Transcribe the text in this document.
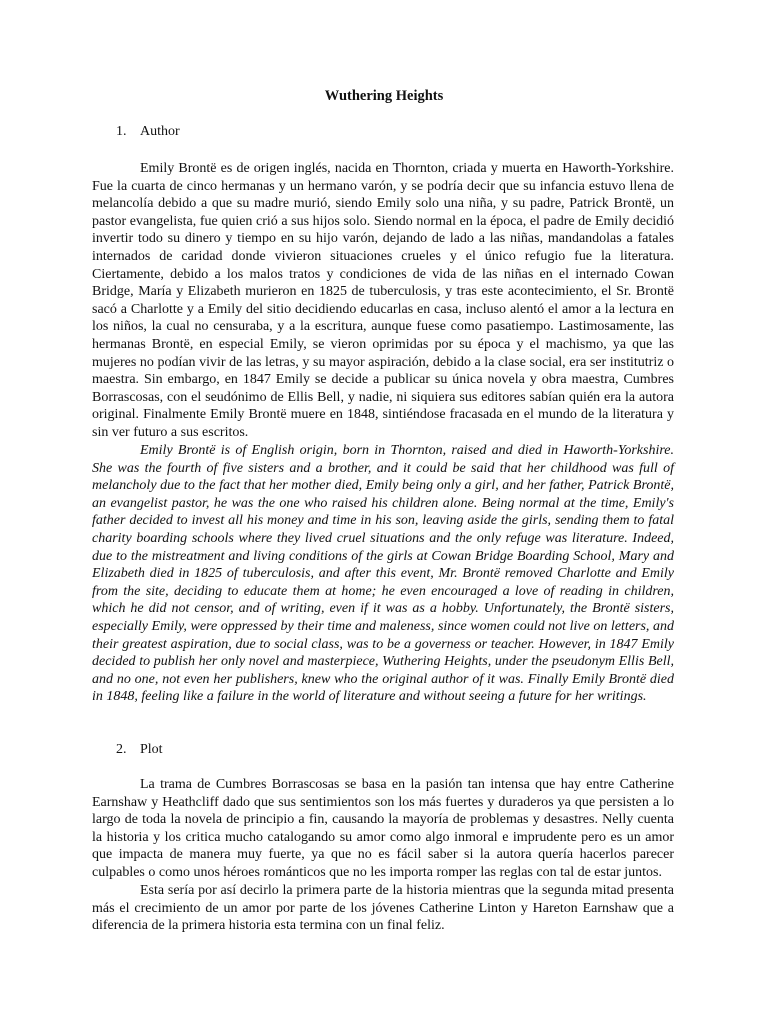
Wuthering Heights
1. Author

Emily Brontë es de origen inglés, nacida en Thornton, criada y muerta en Haworth-Yorkshire. Fue la cuarta de cinco hermanas y un hermano varón, y se podría decir que su infancia estuvo llena de melancolía debido a que su madre murió, siendo Emily solo una niña, y su padre, Patrick Brontë, un pastor evangelista, fue quien crió a sus hijos solo. Siendo normal en la época, el padre de Emily decidió invertir todo su dinero y tiempo en su hijo varón, dejando de lado a las niñas, mandandolas a fatales internados de caridad donde vivieron situaciones crueles y el único refugio fue la literatura. Ciertamente, debido a los malos tratos y condiciones de vida de las niñas en el internado Cowan Bridge, María y Elizabeth murieron en 1825 de tuberculosis, y tras este acontecimiento, el Sr. Brontë sacó a Charlotte y a Emily del sitio decidiendo educarlas en casa, incluso alentó el amor a la lectura en los niños, la cual no censuraba, y a la escritura, aunque fuese como pasatiempo. Lastimosamente, las hermanas Brontë, en especial Emily, se vieron oprimidas por su época y el machismo, ya que las mujeres no podían vivir de las letras, y su mayor aspiración, debido a la clase social, era ser institutriz o maestra. Sin embargo, en 1847 Emily se decide a publicar su única novela y obra maestra, Cumbres Borrascosas, con el seudónimo de Ellis Bell, y nadie, ni siquiera sus editores sabían quién era la autora original. Finalmente Emily Brontë muere en 1848, sintiéndose fracasada en el mundo de la literatura y sin ver futuro a sus escritos.

Emily Brontë is of English origin, born in Thornton, raised and died in Haworth-Yorkshire. She was the fourth of five sisters and a brother, and it could be said that her childhood was full of melancholy due to the fact that her mother died, Emily being only a girl, and her father, Patrick Brontë, an evangelist pastor, he was the one who raised his children alone. Being normal at the time, Emily's father decided to invest all his money and time in his son, leaving aside the girls, sending them to fatal charity boarding schools where they lived cruel situations and the only refuge was literature. Indeed, due to the mistreatment and living conditions of the girls at Cowan Bridge Boarding School, Mary and Elizabeth died in 1825 of tuberculosis, and after this event, Mr. Brontë removed Charlotte and Emily from the site, deciding to educate them at home; he even encouraged a love of reading in children, which he did not censor, and of writing, even if it was as a hobby. Unfortunately, the Brontë sisters, especially Emily, were oppressed by their time and maleness, since women could not live on letters, and their greatest aspiration, due to social class, was to be a governess or teacher. However, in 1847 Emily decided to publish her only novel and masterpiece, Wuthering Heights, under the pseudonym Ellis Bell, and no one, not even her publishers, knew who the original author of it was. Finally Emily Brontë died in 1848, feeling like a failure in the world of literature and without seeing a future for her writings.

2. Plot

La trama de Cumbres Borrascosas se basa en la pasión tan intensa que hay entre Catherine Earnshaw y Heathcliff dado que sus sentimientos son los más fuertes y duraderos ya que persisten a lo largo de toda la novela de principio a fin, causando la mayoría de problemas y desastres. Nelly cuenta la historia y los critica mucho catalogando su amor como algo inmoral e imprudente pero es un amor que impacta de manera muy fuerte, ya que no es fácil saber si la autora quería hacerlos parecer culpables o como unos héroes románticos que no les importa romper las reglas con tal de estar juntos.

Esta sería por así decirlo la primera parte de la historia mientras que la segunda mitad presenta más el crecimiento de un amor por parte de los jóvenes Catherine Linton y Hareton Earnshaw que a diferencia de la primera historia esta termina con un final feliz.
